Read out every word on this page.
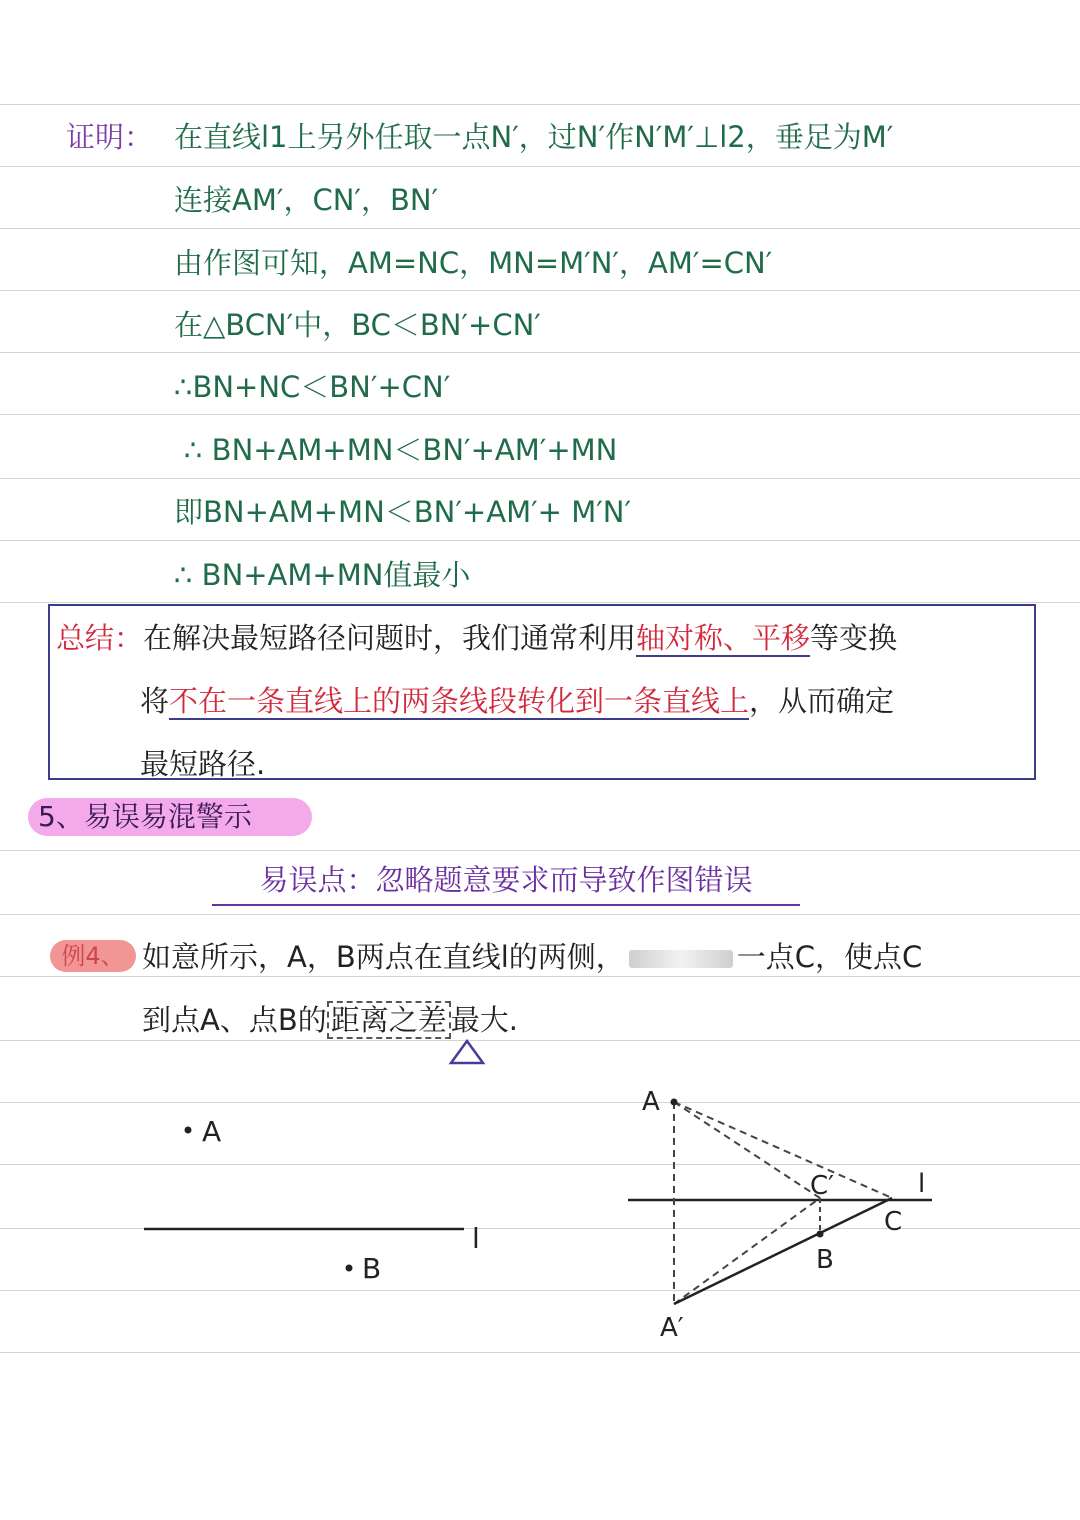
证明： 在直线l1上另外任取一点N′，过N′作N′M′⊥l2，垂足为M′
连接AM′，CN′，BN′
由作图可知，AM=NC，MN=M′N′，AM′=CN′
在△BCN′中，BC＜BN′+CN′
∴BN+NC＜BN′+CN′
∴ BN+AM+MN＜BN′+AM′+MN
即BN+AM+MN＜BN′+AM′+ M′N′
∴ BN+AM+MN值最小
总结：在解决最短路径问题时，我们通常利用轴对称、平移等变换
将不在一条直线上的两条线段转化到一条直线上，从而确定
最短路径.
5、易误易混警示
易误点：忽略题意要求而导致作图错误
例4、 如意所示，A，B两点在直线l的两侧，	一点C，使点C
到点A、点B的 距离之差 最大.
A
l
B
l
A
C′
C
B
A′
